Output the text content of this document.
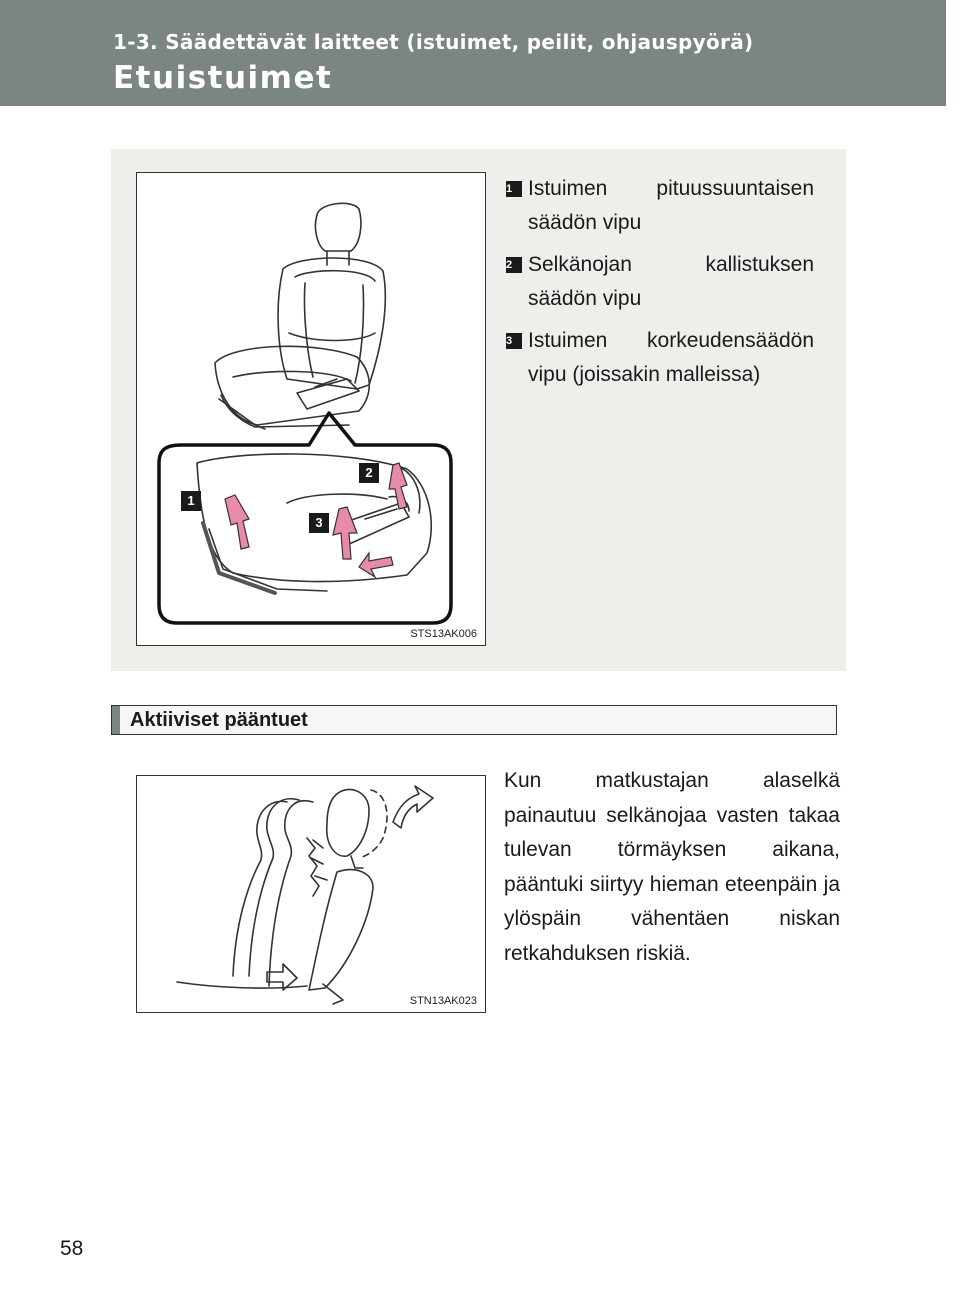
1-3. Säädettävät laitteet (istuimet, peilit, ohjauspyörä)
Etuistuimet
1
2
3
STS13AK006
1 Istuimen pituussuuntaisen säädön vipu
2 Selkänojan kallistuksen säädön vipu
3 Istuimen korkeudensäädön vipu (joissakin malleissa)
Aktiiviset pääntuet
STN13AK023
Kun matkustajan alaselkä painautuu selkänojaa vasten takaa tulevan törmäyksen aikana, pääntuki siirtyy hieman eteenpäin ja ylöspäin vähentäen niskan retkahduksen riskiä.
58
